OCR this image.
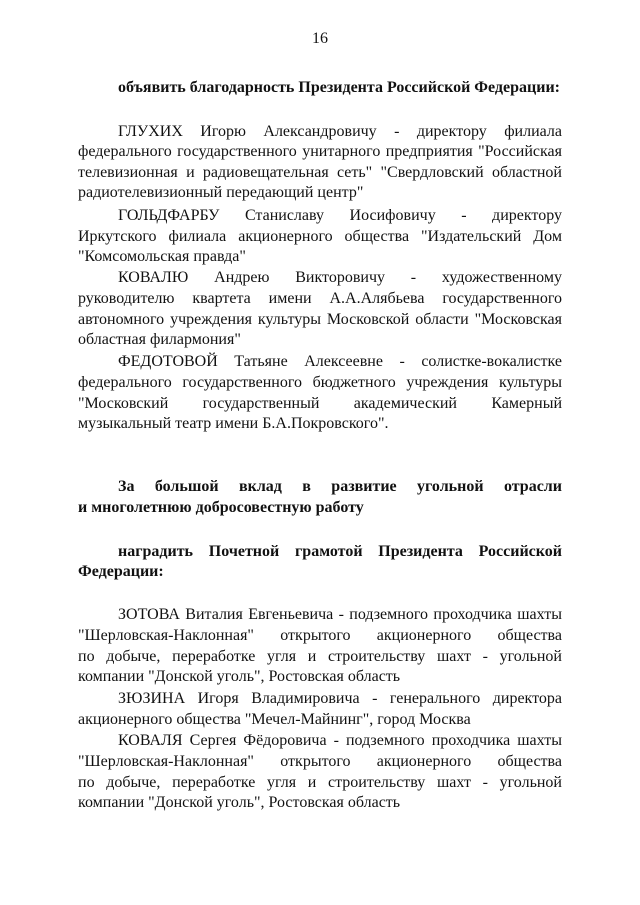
16
объявить благодарность Президента Российской Федерации:
ГЛУХИХ Игорю Александровичу - директору филиала
федерального государственного унитарного предприятия "Российская
телевизионная и радиовещательная сеть" "Свердловский областной
радиотелевизионный передающий центр"
ГОЛЬДФАРБУ Станиславу Иосифовичу - директору
Иркутского филиала акционерного общества "Издательский Дом
"Комсомольская правда"
КОВАЛЮ Андрею Викторовичу - художественному
руководителю квартета имени А.А.Алябьева государственного
автономного учреждения культуры Московской области "Московская
областная филармония"
ФЕДОТОВОЙ Татьяне Алексеевне - солистке-вокалистке
федерального государственного бюджетного учреждения культуры
"Московский государственный академический Камерный
музыкальный театр имени Б.А.Покровского".
За большой вклад в развитие угольной отрасли
и многолетнюю добросовестную работу
наградить Почетной грамотой Президента Российской
Федерации:
ЗОТОВА Виталия Евгеньевича - подземного проходчика шахты
"Шерловская-Наклонная" открытого акционерного общества
по добыче, переработке угля и строительству шахт - угольной
компании "Донской уголь", Ростовская область
ЗЮЗИНА Игоря Владимировича - генерального директора
акционерного общества "Мечел-Майнинг", город Москва
КОВАЛЯ Сергея Фёдоровича - подземного проходчика шахты
"Шерловская-Наклонная" открытого акционерного общества
по добыче, переработке угля и строительству шахт - угольной
компании "Донской уголь", Ростовская область
